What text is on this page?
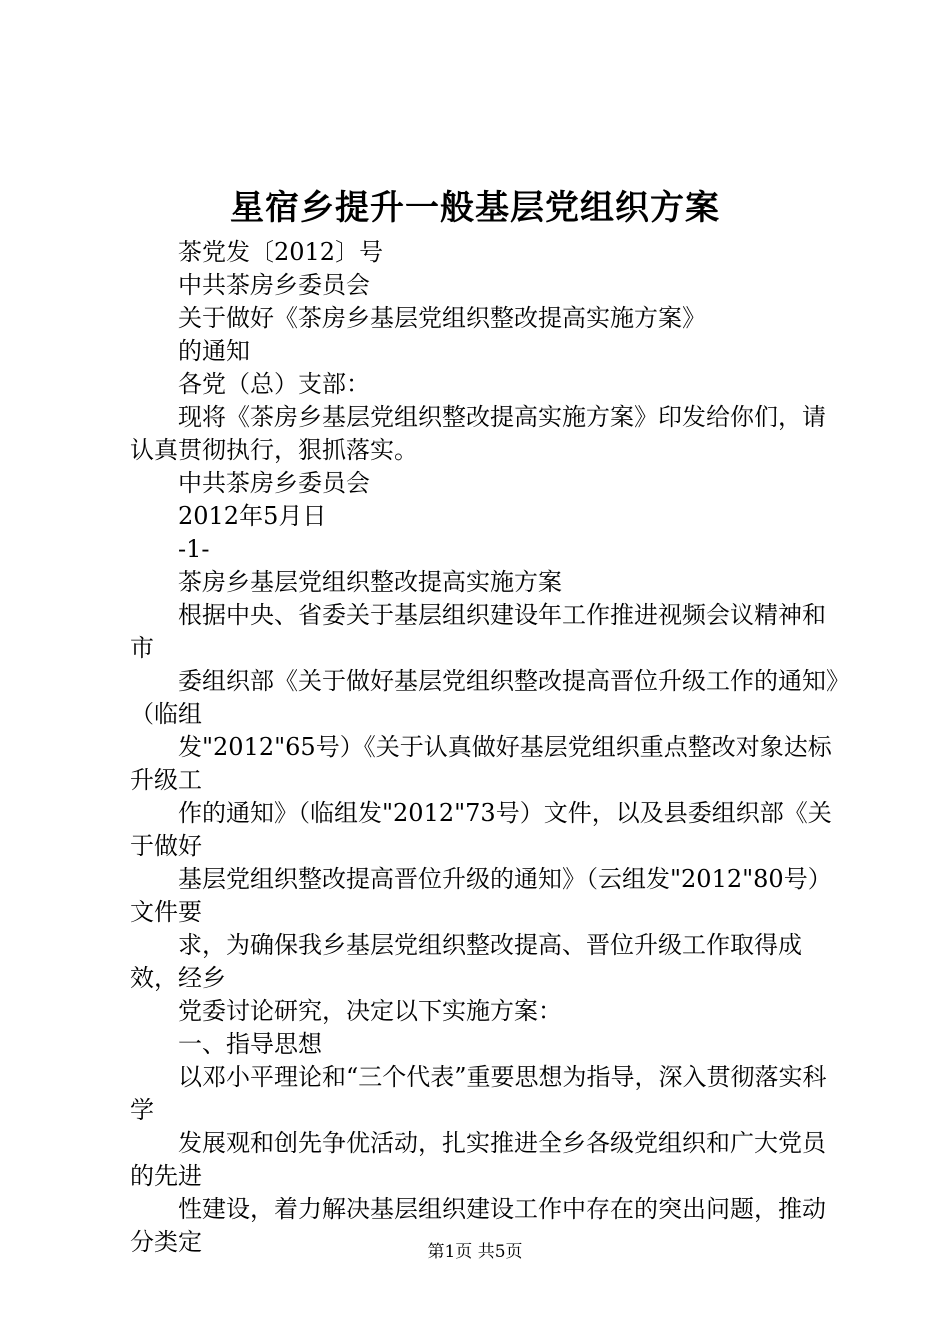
星宿乡提升一般基层党组织方案

茶党发〔2012〕号

中共茶房乡委员会

关于做好《茶房乡基层党组织整改提高实施方案》

的通知

各党（总）支部：

现将《茶房乡基层党组织整改提高实施方案》印发给你们，请认真贯彻执行，狠抓落实。

中共茶房乡委员会

2012年5月日

-1-

茶房乡基层党组织整改提高实施方案

根据中央、省委关于基层组织建设年工作推进视频会议精神和市

委组织部《关于做好基层党组织整改提高晋位升级工作的通知》（临组

发"2012"65号）《关于认真做好基层党组织重点整改对象达标升级工

作的通知》（临组发"2012"73号）文件，以及县委组织部《关于做好

基层党组织整改提高晋位升级的通知》（云组发"2012"80号）文件要

求，为确保我乡基层党组织整改提高、晋位升级工作取得成效，经乡

党委讨论研究，决定以下实施方案：

一、指导思想

以邓小平理论和“三个代表”重要思想为指导，深入贯彻落实科学

发展观和创先争优活动，扎实推进全乡各级党组织和广大党员的先进

性建设，着力解决基层组织建设工作中存在的突出问题，推动分类定	第1页 共5页
